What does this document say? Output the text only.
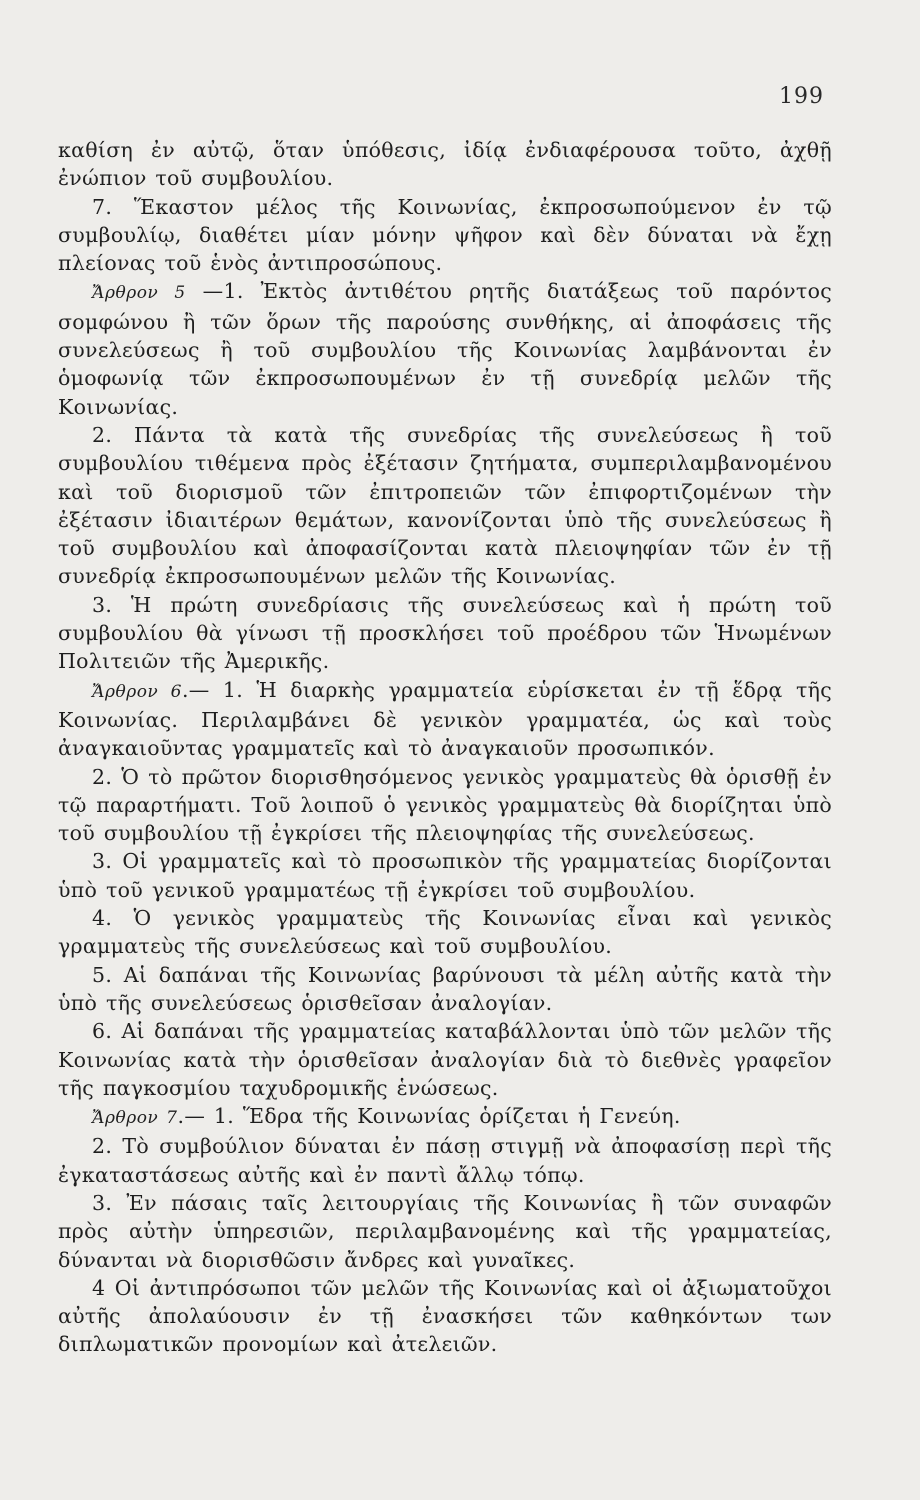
199

καθίση ἐν αὐτῷ, ὅταν ὑπόθεσις, ἰδίᾳ ἐνδιαφέρουσα τοῦτο, ἀχθῇ ἐνώπιον τοῦ συμβουλίου.

7. Ἕκαστον μέλος τῆς Κοινωνίας, ἐκπροσωπούμενον ἐν τῷ συμβουλίῳ, διαθέτει μίαν μόνην ψῆφον καὶ δὲν δύναται νὰ ἔχῃ πλείονας τοῦ ἑνὸς ἀντιπροσώπους.

Ἄρθρον 5 —1. Ἐκτὸς ἀντιθέτου ρητῆς διατάξεως τοῦ παρόντος σομφώνου ἢ τῶν ὅρων τῆς παρούσης συνθήκης, αἱ ἀποφάσεις τῆς συνελεύσεως ἢ τοῦ συμβουλίου τῆς Κοινωνίας λαμβάνονται ἐν ὁμοφωνίᾳ τῶν ἐκπροσωπουμένων ἐν τῇ συνεδρίᾳ μελῶν τῆς Κοινωνίας.

2. Πάντα τὰ κατὰ τῆς συνεδρίας τῆς συνελεύσεως ἢ τοῦ συμβουλίου τιθέμενα πρὸς ἐξέτασιν ζητήματα, συμπεριλαμβανομένου καὶ τοῦ διορισμοῦ τῶν ἐπιτροπειῶν τῶν ἐπιφορτιζομένων τὴν ἐξέτασιν ἰδιαιτέρων θεμάτων, κανονίζονται ὑπὸ τῆς συνελεύσεως ἢ τοῦ συμβουλίου καὶ ἀποφασίζονται κατὰ πλειοψηφίαν τῶν ἐν τῇ συνεδρίᾳ ἐκπροσωπουμένων μελῶν τῆς Κοινωνίας.

3. Ἡ πρώτη συνεδρίασις τῆς συνελεύσεως καὶ ἡ πρώτη τοῦ συμβουλίου θὰ γίνωσι τῇ προσκλήσει τοῦ προέδρου τῶν Ἡνωμένων Πολιτειῶν τῆς Ἀμερικῆς.

Ἄρθρον 6.— 1. Ἡ διαρκὴς γραμματεία εὑρίσκεται ἐν τῇ ἕδρᾳ τῆς Κοινωνίας. Περιλαμβάνει δὲ γενικὸν γραμματέα, ὡς καὶ τοὺς ἀναγκαιοῦντας γραμματεῖς καὶ τὸ ἀναγκαιοῦν προσωπικόν.

2. Ὁ τὸ πρῶτον διορισθησόμενος γενικὸς γραμματεὺς θὰ ὁρισθῇ ἐν τῷ παραρτήματι. Τοῦ λοιποῦ ὁ γενικὸς γραμματεὺς θὰ διορίζηται ὑπὸ τοῦ συμβουλίου τῇ ἐγκρίσει τῆς πλειοψηφίας τῆς συνελεύσεως.

3. Οἱ γραμματεῖς καὶ τὸ προσωπικὸν τῆς γραμματείας διορίζονται ὑπὸ τοῦ γενικοῦ γραμματέως τῇ ἐγκρίσει τοῦ συμβουλίου.

4. Ὁ γενικὸς γραμματεὺς τῆς Κοινωνίας εἶναι καὶ γενικὸς γραμματεὺς τῆς συνελεύσεως καὶ τοῦ συμβουλίου.

5. Αἱ δαπάναι τῆς Κοινωνίας βαρύνουσι τὰ μέλη αὐτῆς κατὰ τὴν ὑπὸ τῆς συνελεύσεως ὁρισθεῖσαν ἀναλογίαν.

6. Αἱ δαπάναι τῆς γραμματείας καταβάλλονται ὑπὸ τῶν μελῶν τῆς Κοινωνίας κατὰ τὴν ὁρισθεῖσαν ἀναλογίαν διὰ τὸ διεθνὲς γραφεῖον τῆς παγκοσμίου ταχυδρομικῆς ἑνώσεως.

Ἄρθρον 7.— 1. Ἕδρα τῆς Κοινωνίας ὁρίζεται ἡ Γενεύη.

2. Τὸ συμβούλιον δύναται ἐν πάσῃ στιγμῇ νὰ ἀποφασίσῃ περὶ τῆς ἐγκαταστάσεως αὐτῆς καὶ ἐν παντὶ ἄλλῳ τόπῳ.

3. Ἐν πάσαις ταῖς λειτουργίαις τῆς Κοινωνίας ἢ τῶν συναφῶν πρὸς αὐτὴν ὑπηρεσιῶν, περιλαμβανομένης καὶ τῆς γραμματείας, δύνανται νὰ διορισθῶσιν ἄνδρες καὶ γυναῖκες.

4 Οἱ ἀντιπρόσωποι τῶν μελῶν τῆς Κοινωνίας καὶ οἱ ἀξιωματοῦχοι αὐτῆς ἀπολαύουσιν ἐν τῇ ἐνασκήσει τῶν καθηκόντων των διπλωματικῶν προνομίων καὶ ἀτελειῶν.
